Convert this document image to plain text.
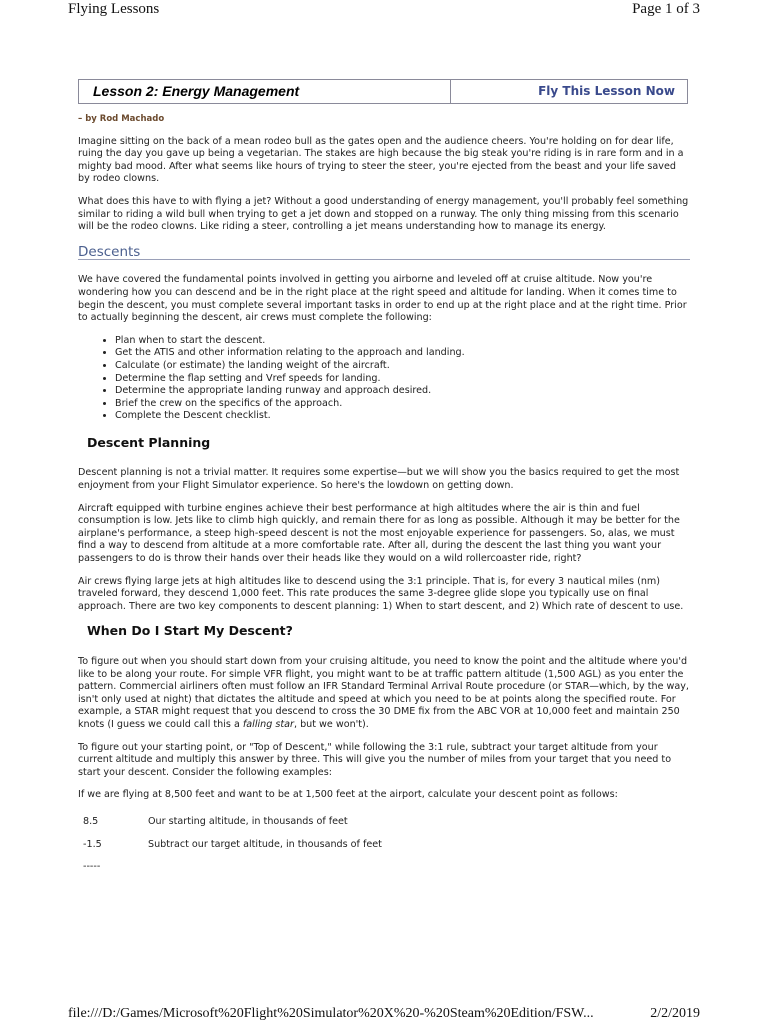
Flying Lessons	Page 1 of 3
Lesson 2: Energy Management	Fly This Lesson Now
– by Rod Machado

Imagine sitting on the back of a mean rodeo bull as the gates open and the audience cheers. You're holding on for dear life, ruing the day you gave up being a vegetarian. The stakes are high because the big steak you're riding is in rare form and in a mighty bad mood. After what seems like hours of trying to steer the steer, you're ejected from the beast and your life saved by rodeo clowns.

What does this have to with flying a jet? Without a good understanding of energy management, you'll probably feel something similar to riding a wild bull when trying to get a jet down and stopped on a runway. The only thing missing from this scenario will be the rodeo clowns. Like riding a steer, controlling a jet means understanding how to manage its energy.

Descents

We have covered the fundamental points involved in getting you airborne and leveled off at cruise altitude. Now you're wondering how you can descend and be in the right place at the right speed and altitude for landing. When it comes time to begin the descent, you must complete several important tasks in order to end up at the right place and at the right time. Prior to actually beginning the descent, air crews must complete the following:

• Plan when to start the descent.
• Get the ATIS and other information relating to the approach and landing.
• Calculate (or estimate) the landing weight of the aircraft.
• Determine the flap setting and Vref speeds for landing.
• Determine the appropriate landing runway and approach desired.
• Brief the crew on the specifics of the approach.
• Complete the Descent checklist.
Descent Planning

Descent planning is not a trivial matter. It requires some expertise—but we will show you the basics required to get the most enjoyment from your Flight Simulator experience. So here's the lowdown on getting down.

Aircraft equipped with turbine engines achieve their best performance at high altitudes where the air is thin and fuel consumption is low. Jets like to climb high quickly, and remain there for as long as possible. Although it may be better for the airplane's performance, a steep high-speed descent is not the most enjoyable experience for passengers. So, alas, we must find a way to descend from altitude at a more comfortable rate. After all, during the descent the last thing you want your passengers to do is throw their hands over their heads like they would on a wild rollercoaster ride, right?

Air crews flying large jets at high altitudes like to descend using the 3:1 principle. That is, for every 3 nautical miles (nm) traveled forward, they descend 1,000 feet. This rate produces the same 3-degree glide slope you typically use on final approach. There are two key components to descent planning: 1) When to start descent, and 2) Which rate of descent to use.

When Do I Start My Descent?

To figure out when you should start down from your cruising altitude, you need to know the point and the altitude where you'd like to be along your route. For simple VFR flight, you might want to be at traffic pattern altitude (1,500 AGL) as you enter the pattern. Commercial airliners often must follow an IFR Standard Terminal Arrival Route procedure (or STAR—which, by the way, isn't only used at night) that dictates the altitude and speed at which you need to be at points along the specified route. For example, a STAR might request that you descend to cross the 30 DME fix from the ABC VOR at 10,000 feet and maintain 250 knots (I guess we could call this a falling star, but we won't).

To figure out your starting point, or "Top of Descent," while following the 3:1 rule, subtract your target altitude from your current altitude and multiply this answer by three. This will give you the number of miles from your target that you need to start your descent. Consider the following examples:

If we are flying at 8,500 feet and want to be at 1,500 feet at the airport, calculate your descent point as follows:

8.5	Our starting altitude, in thousands of feet
-1.5	Subtract our target altitude, in thousands of feet
-----
file:///D:/Games/Microsoft%20Flight%20Simulator%20X%20-%20Steam%20Edition/FSW...	2/2/2019
